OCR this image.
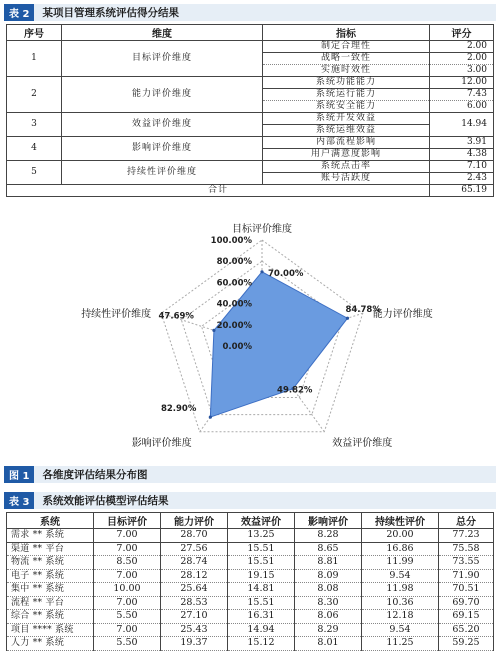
表 2	某项目管理系统评估得分结果
序号	维度	指标	评分
1	目标评价维度	制定合理性	2.00
		战略一致性	2.00
		实施时效性	3.00
2	能力评价维度	系统功能能力	12.00
		系统运行能力	7.43
		系统安全能力	6.00
3	效益评价维度	系统开发效益	14.94
		系统运维效益	
4	影响评价维度	内部流程影响	3.91
		用户满意度影响	4.38
5	持续性评价维度	系统点击率	7.10
		账号活跃度	2.43
合计			65.19
0.00%
20.00%
40.00%
60.00%
80.00%
100.00%
70.00%
84.78%
49.82%
82.90%
47.69%
目标评价维度
能力评价维度
效益评价维度
影响评价维度
持续性评价维度
图 1	各维度评估结果分布图
表 3	系统效能评估模型评估结果
系统	目标评价	能力评价	效益评价	影响评价	持续性评价	总分
需求 ** 系统	7.00	28.70	13.25	8.28	20.00	77.23
渠道 ** 平台	7.00	27.56	15.51	8.65	16.86	75.58
物流 ** 系统	8.50	28.74	15.51	8.81	11.99	73.55
电子 ** 系统	7.00	28.12	19.15	8.09	9.54	71.90
集中 ** 系统	10.00	25.64	14.81	8.08	11.98	70.51
流程 ** 平台	7.00	28.53	15.51	8.30	10.36	69.70
综合 ** 系统	5.50	27.10	16.31	8.06	12.18	69.15
项目 **** 系统	7.00	25.43	14.94	8.29	9.54	65.20
人力 ** 系统	5.50	19.37	15.12	8.01	11.25	59.25
